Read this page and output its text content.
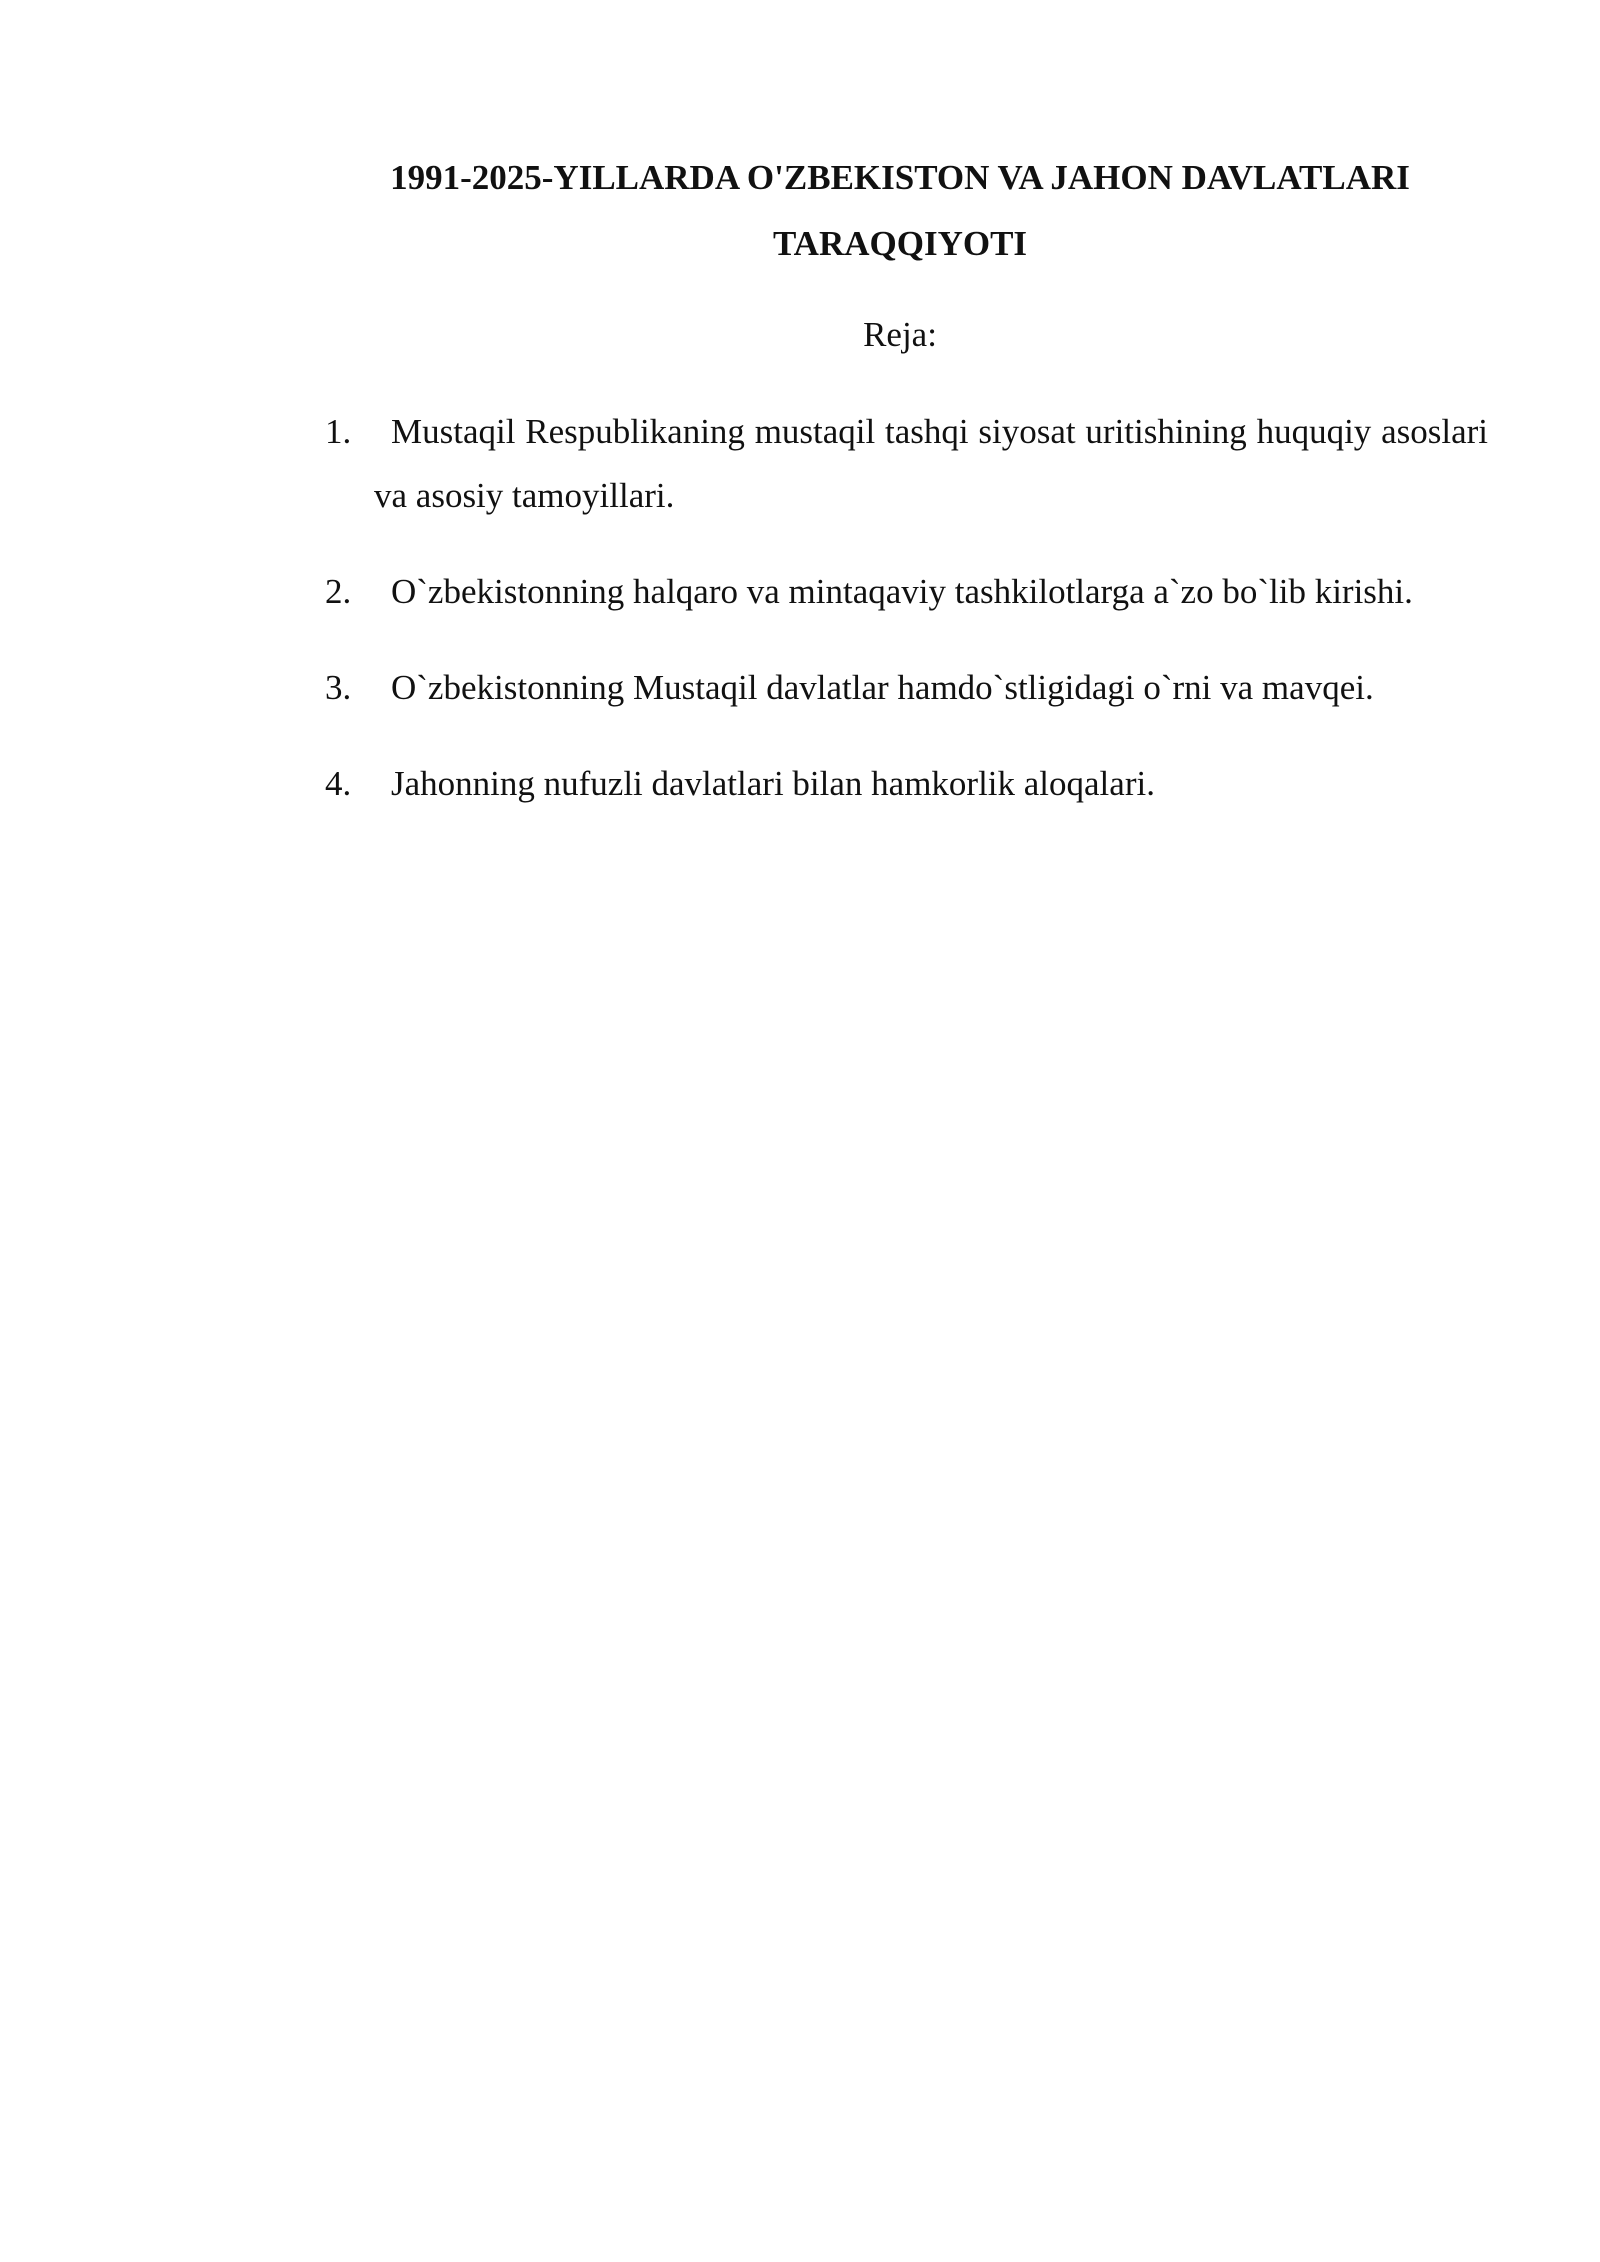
1991-2025-YILLARDA O'ZBEKISTON VA JAHON DAVLATLARI TARAQQIYOTI

Reja:

1. Mustaqil Respublikaning mustaqil tashqi siyosat uritishining huquqiy asoslari va asosiy tamoyillari.
2. O`zbekistonning halqaro va mintaqaviy tashkilotlarga a`zo bo`lib kirishi.
3. O`zbekistonning Mustaqil davlatlar hamdo`stligidagi o`rni va mavqei.
4. Jahonning nufuzli davlatlari bilan hamkorlik aloqalari.
